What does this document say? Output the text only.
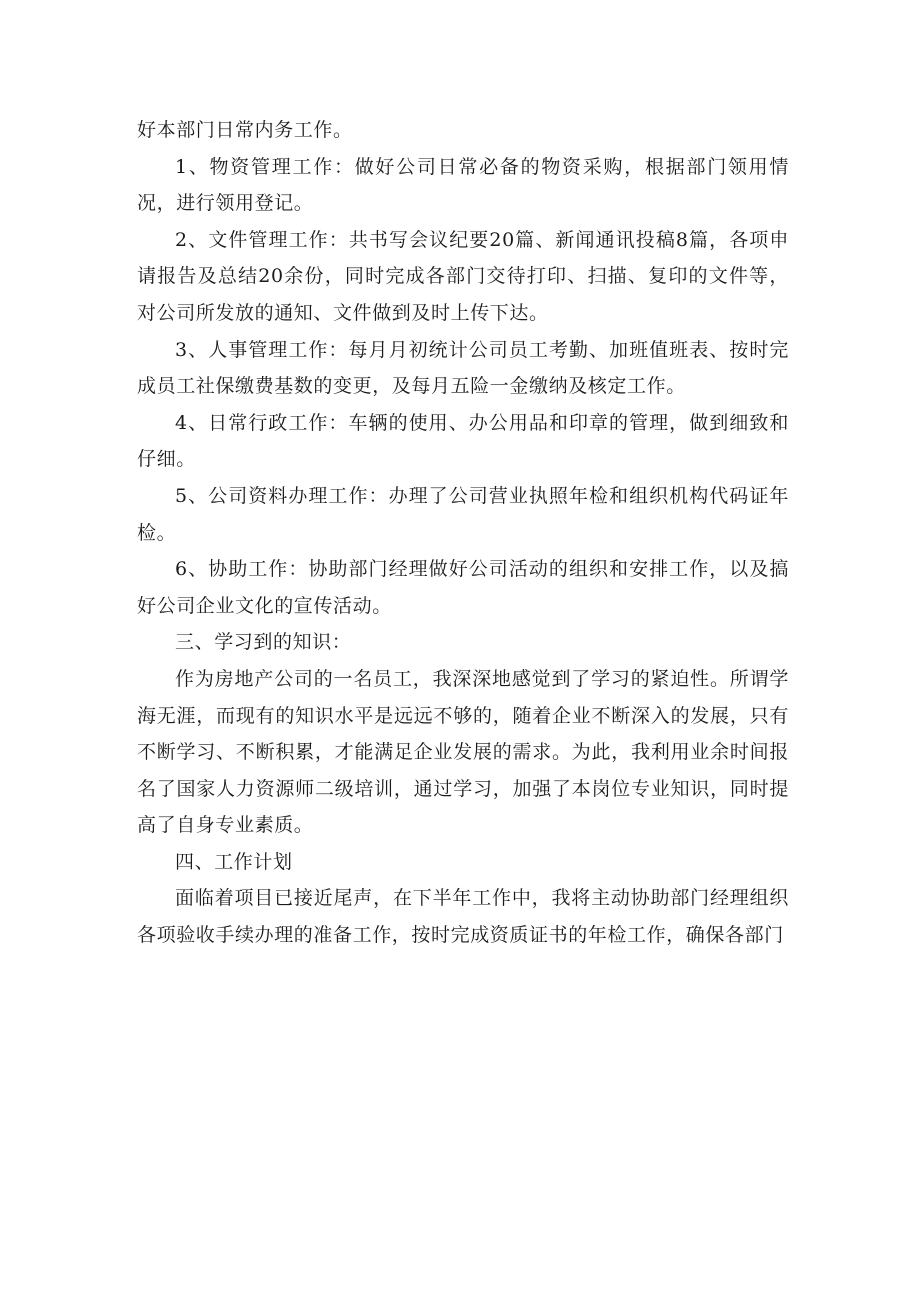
好本部门日常内务工作。

1、物资管理工作：做好公司日常必备的物资采购，根据部门领用情况，进行领用登记。

2、文件管理工作：共书写会议纪要20篇、新闻通讯投稿8篇，各项申请报告及总结20余份，同时完成各部门交待打印、扫描、复印的文件等，对公司所发放的通知、文件做到及时上传下达。

3、人事管理工作：每月月初统计公司员工考勤、加班值班表、按时完成员工社保缴费基数的变更，及每月五险一金缴纳及核定工作。

4、日常行政工作：车辆的使用、办公用品和印章的管理，做到细致和仔细。

5、公司资料办理工作：办理了公司营业执照年检和组织机构代码证年检。

6、协助工作：协助部门经理做好公司活动的组织和安排工作，以及搞好公司企业文化的宣传活动。

三、学习到的知识：

作为房地产公司的一名员工，我深深地感觉到了学习的紧迫性。所谓学海无涯，而现有的知识水平是远远不够的，随着企业不断深入的发展，只有不断学习、不断积累，才能满足企业发展的需求。为此，我利用业余时间报名了国家人力资源师二级培训，通过学习，加强了本岗位专业知识，同时提高了自身专业素质。

四、工作计划

面临着项目已接近尾声，在下半年工作中，我将主动协助部门经理组织各项验收手续办理的准备工作，按时完成资质证书的年检工作，确保各部门
